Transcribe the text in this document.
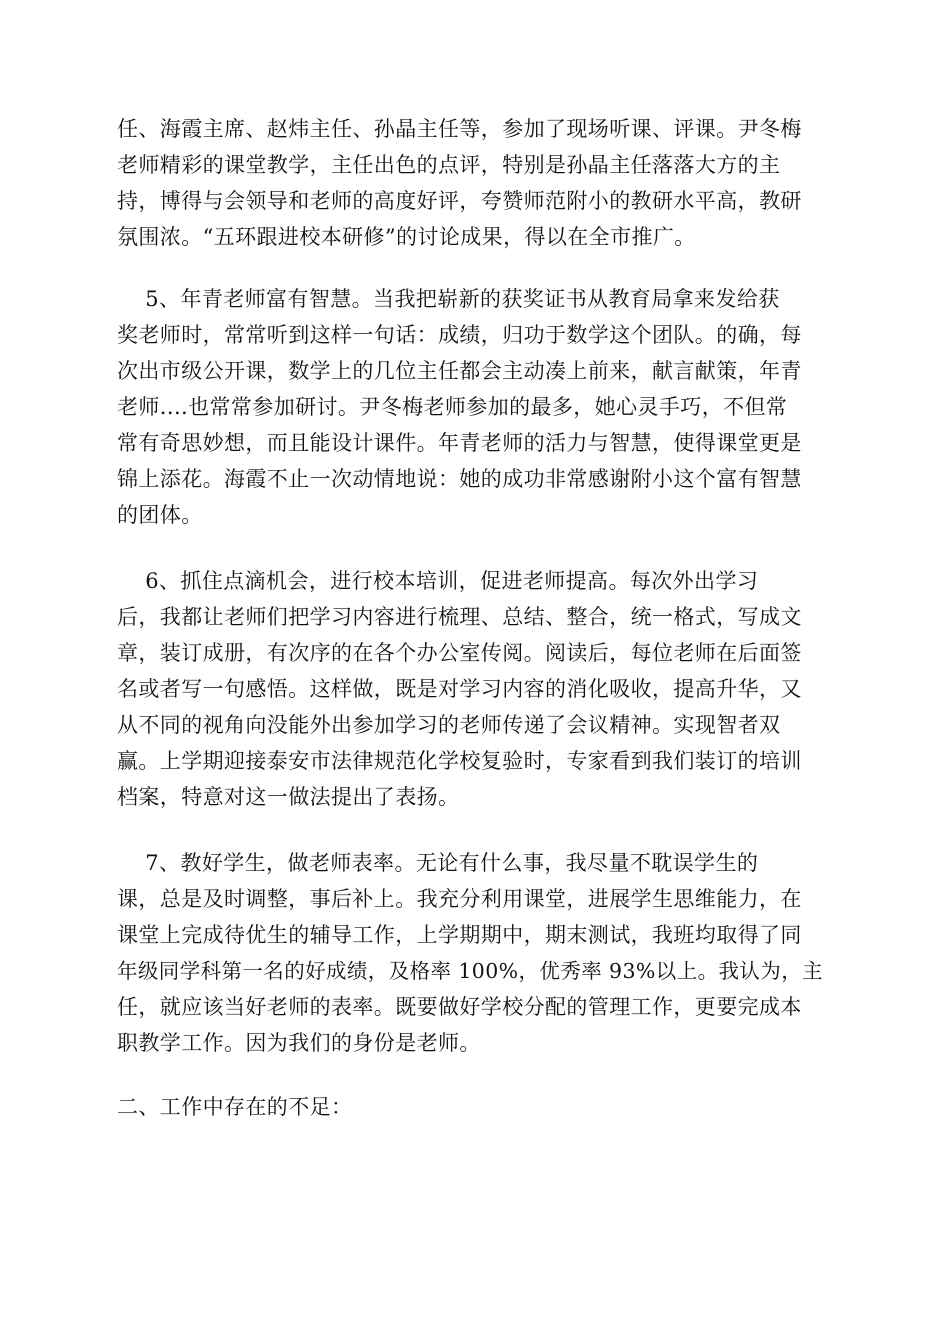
任、海霞主席、赵炜主任、孙晶主任等，参加了现场听课、评课。尹冬梅
老师精彩的课堂教学，主任出色的点评，特别是孙晶主任落落大方的主
持，博得与会领导和老师的高度好评，夸赞师范附小的教研水平高，教研
氛围浓。“五环跟进校本研修”的讨论成果，得以在全市推广。
5、年青老师富有智慧。当我把崭新的获奖证书从教育局拿来发给获
奖老师时，常常听到这样一句话：成绩，归功于数学这个团队。的确，每
次出市级公开课，数学上的几位主任都会主动凑上前来，献言献策，年青
老师....也常常参加研讨。尹冬梅老师参加的最多，她心灵手巧，不但常
常有奇思妙想，而且能设计课件。年青老师的活力与智慧，使得课堂更是
锦上添花。海霞不止一次动情地说：她的成功非常感谢附小这个富有智慧
的团体。
6、抓住点滴机会，进行校本培训，促进老师提高。每次外出学习
后，我都让老师们把学习内容进行梳理、总结、整合，统一格式，写成文
章，装订成册，有次序的在各个办公室传阅。阅读后，每位老师在后面签
名或者写一句感悟。这样做，既是对学习内容的消化吸收，提高升华，又
从不同的视角向没能外出参加学习的老师传递了会议精神。实现智者双
赢。上学期迎接泰安市法律规范化学校复验时，专家看到我们装订的培训
档案，特意对这一做法提出了表扬。
7、教好学生，做老师表率。无论有什么事，我尽量不耽误学生的
课，总是及时调整，事后补上。我充分利用课堂，进展学生思维能力，在
课堂上完成待优生的辅导工作，上学期期中，期末测试，我班均取得了同
年级同学科第一名的好成绩，及格率 100%，优秀率 93%以上。我认为，主
任，就应该当好老师的表率。既要做好学校分配的管理工作，更要完成本
职教学工作。因为我们的身份是老师。
二、工作中存在的不足：
